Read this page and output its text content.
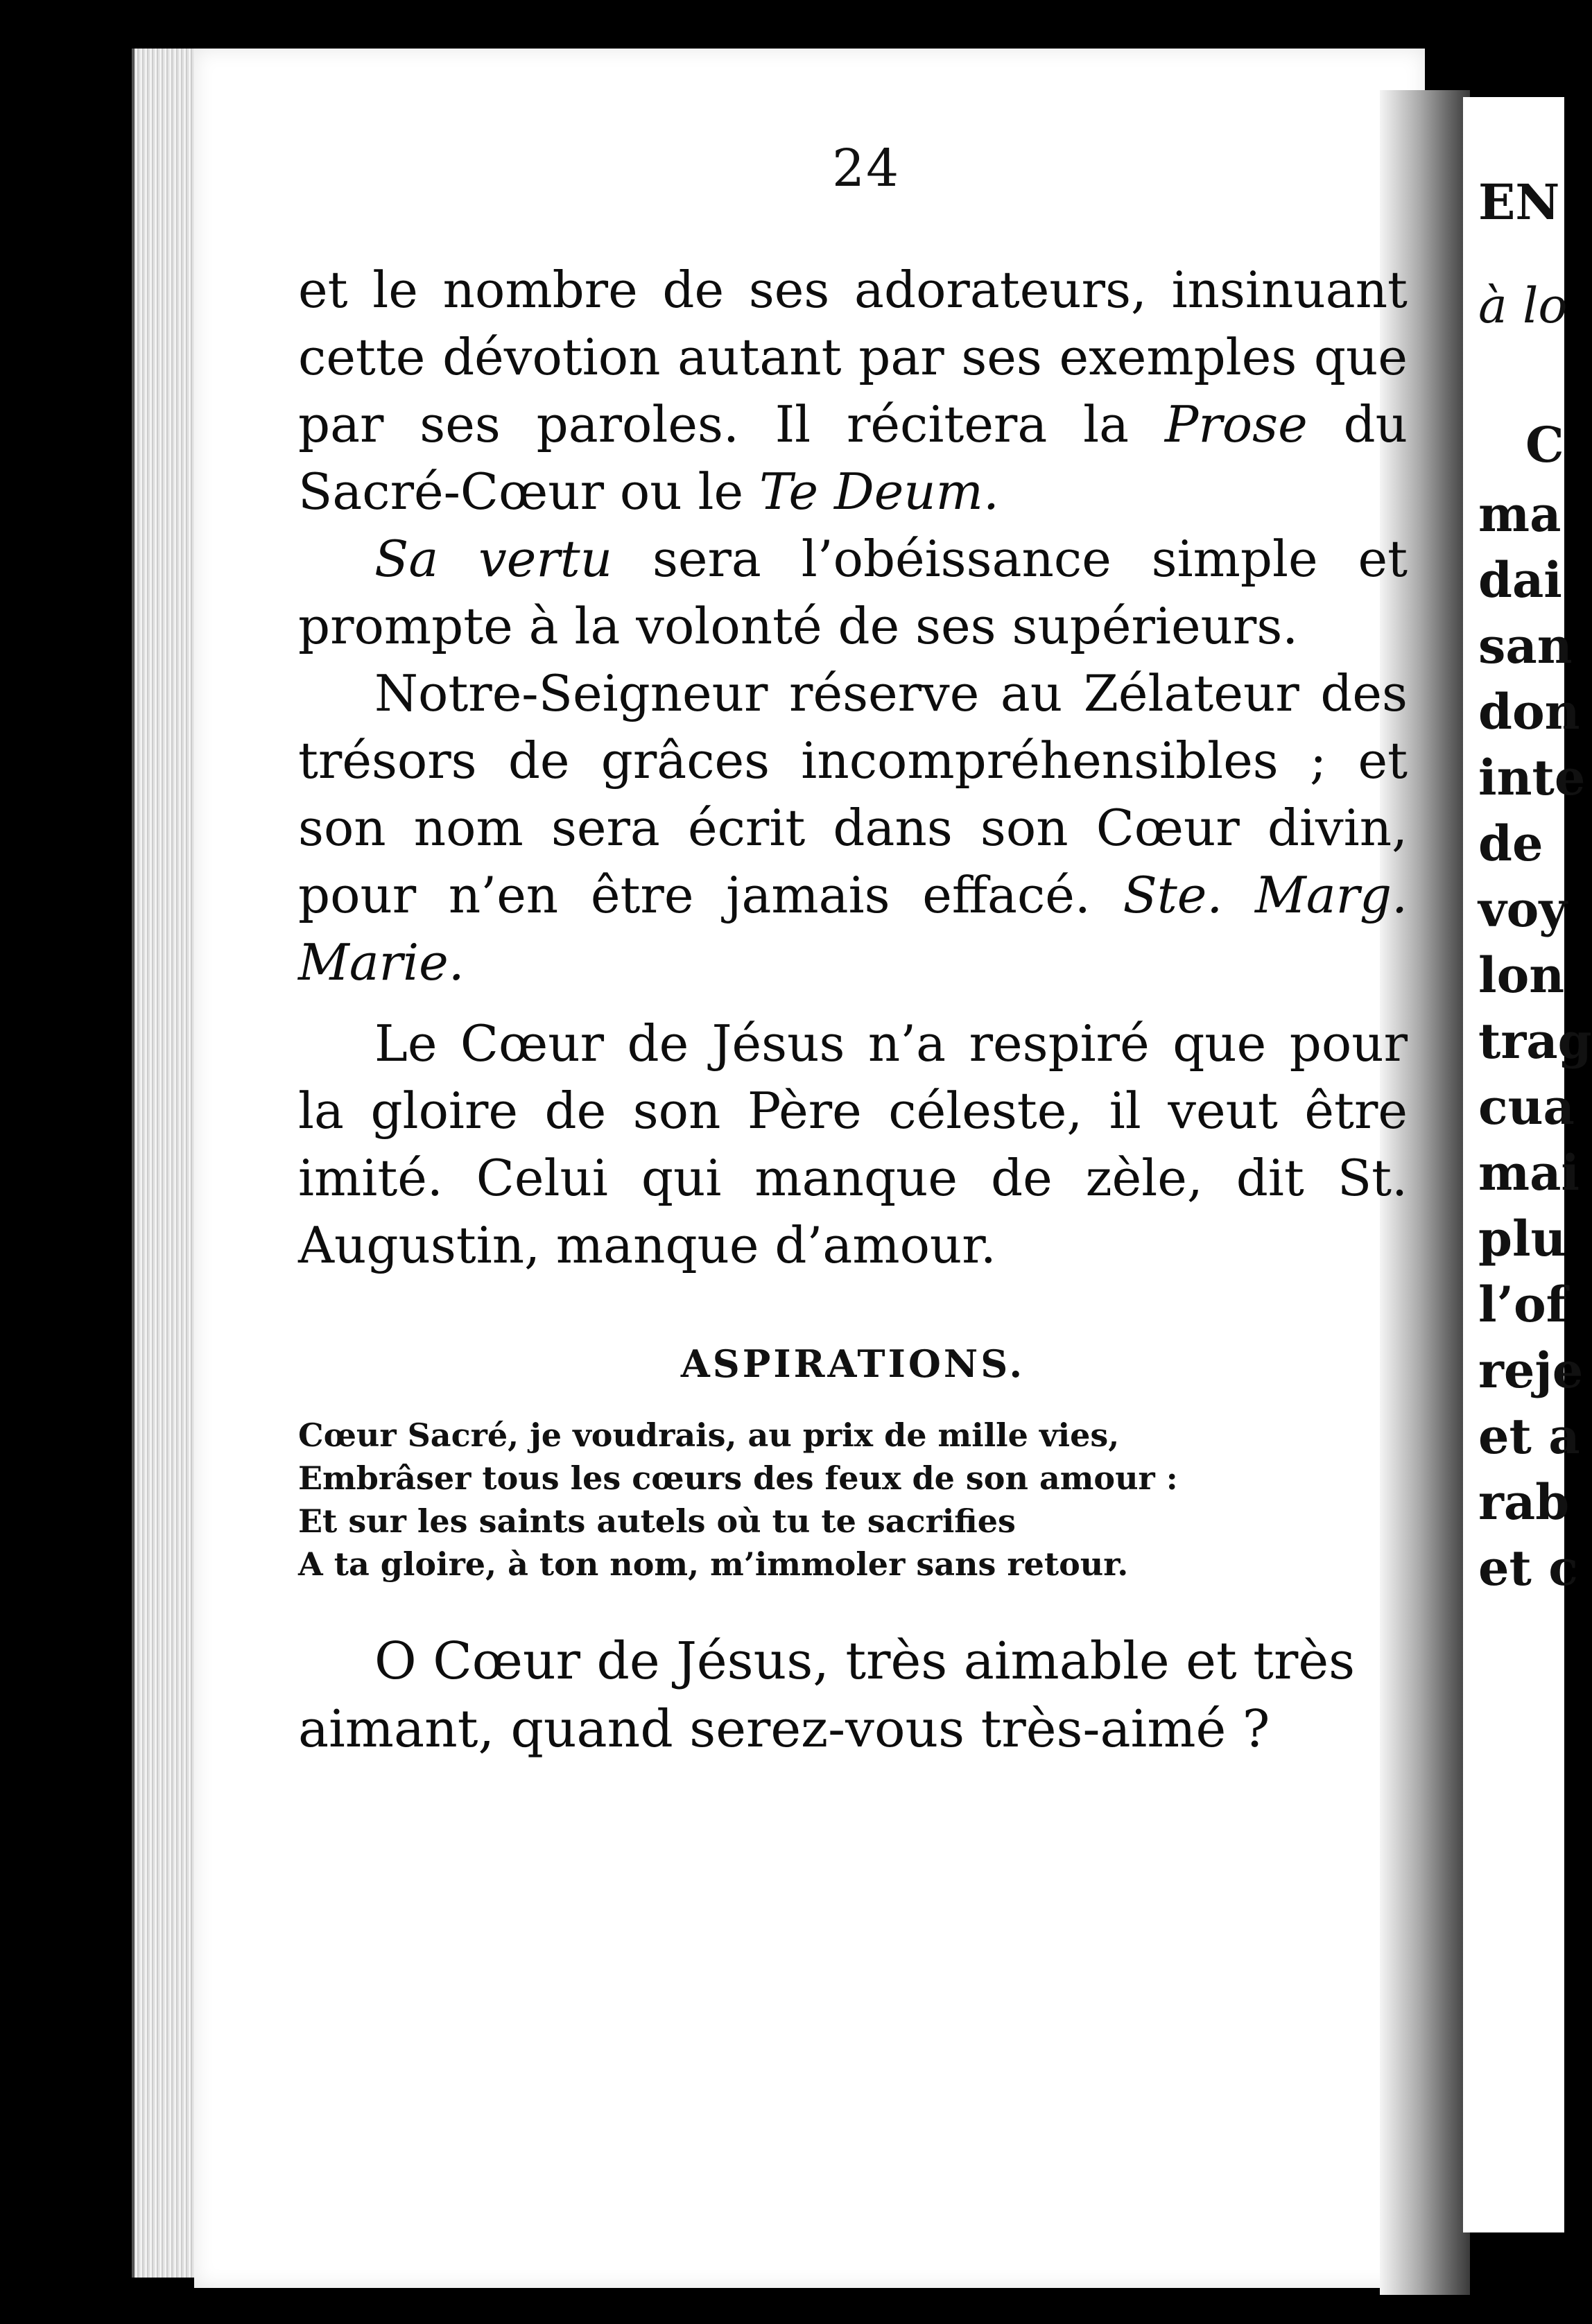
EN
à lo
C
ma
dai
san
don
inte
de
voy
lon
trag
cua
mai
plu
l’of
reje
et a
rab
et c
24

et le nombre de ses adorateurs, insinuant cette dévotion autant par ses exemples que par ses paroles. Il récitera la Prose du Sacré-Cœur ou le Te Deum.

Sa vertu sera l’obéissance simple et prompte à la volonté de ses supérieurs.

Notre-Seigneur réserve au Zélateur des trésors de grâces incompréhensibles ; et son nom sera écrit dans son Cœur divin, pour n’en être jamais effacé. Ste. Marg. Marie.

Le Cœur de Jésus n’a respiré que pour la gloire de son Père céleste, il veut être imité. Celui qui manque de zèle, dit St. Augustin, manque d’amour.

ASPIRATIONS.
Cœur Sacré, je voudrais, au prix de mille vies,
Embrâser tous les cœurs des feux de son amour :
Et sur les saints autels où tu te sacrifies
A ta gloire, à ton nom, m’immoler sans retour.

O Cœur de Jésus, très aimable et très aimant, quand serez-vous très-aimé ?
